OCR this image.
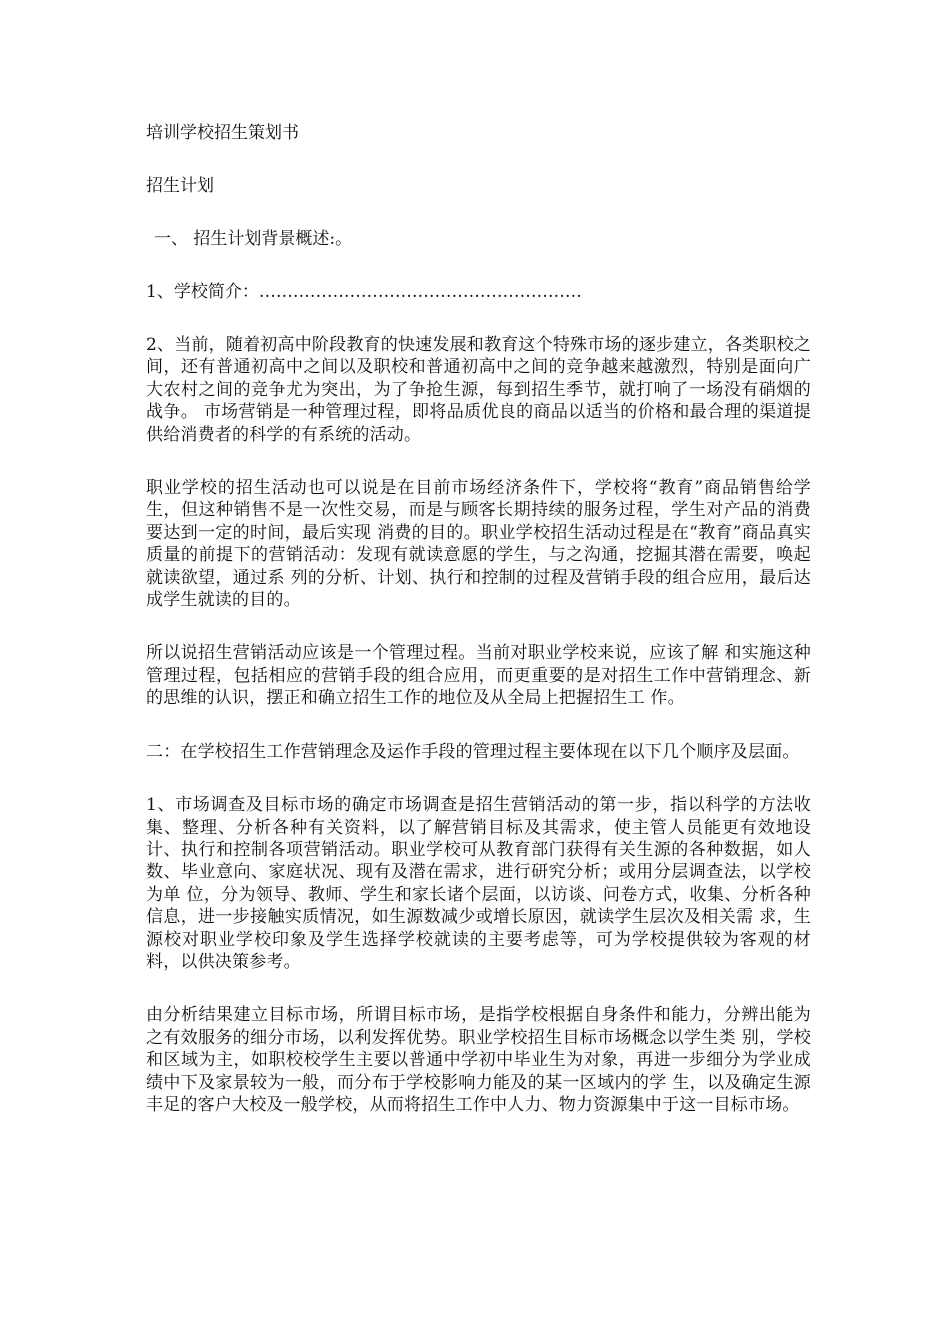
培训学校招生策划书

招生计划

一、 招生计划背景概述:。

1、学校简介：…………………………………………………

2、当前，随着初高中阶段教育的快速发展和教育这个特殊市场的逐步建立，各类职校之间，还有普通初高中之间以及职校和普通初高中之间的竞争越来越激烈，特别是面向广大农村之间的竞争尤为突出，为了争抢生源，每到招生季节，就打响了一场没有硝烟的战争。 市场营销是一种管理过程，即将品质优良的商品以适当的价格和最合理的渠道提供给消费者的科学的有系统的活动。

职业学校的招生活动也可以说是在目前市场经济条件下，学校将“教育”商品销售给学生，但这种销售不是一次性交易，而是与顾客长期持续的服务过程，学生对产品的消费要达到一定的时间，最后实现 消费的目的。职业学校招生活动过程是在“教育”商品真实质量的前提下的营销活动：发现有就读意愿的学生，与之沟通，挖掘其潜在需要，唤起就读欲望，通过系 列的分析、计划、执行和控制的过程及营销手段的组合应用，最后达成学生就读的目的。

所以说招生营销活动应该是一个管理过程。当前对职业学校来说，应该了解 和实施这种管理过程，包括相应的营销手段的组合应用，而更重要的是对招生工作中营销理念、新的思维的认识，摆正和确立招生工作的地位及从全局上把握招生工 作。

二：在学校招生工作营销理念及运作手段的管理过程主要体现在以下几个顺序及层面。

1、市场调查及目标市场的确定市场调查是招生营销活动的第一步，指以科学的方法收集、整理、分析各种有关资料，以了解营销目标及其需求，使主管人员能更有效地设计、执行和控制各项营销活动。职业学校可从教育部门获得有关生源的各种数据，如人数、毕业意向、家庭状况、现有及潜在需求，进行研究分析；或用分层调查法，以学校为单 位，分为领导、教师、学生和家长诸个层面，以访谈、问卷方式，收集、分析各种信息，进一步接触实质情况，如生源数减少或增长原因，就读学生层次及相关需 求，生源校对职业学校印象及学生选择学校就读的主要考虑等，可为学校提供较为客观的材料，以供决策参考。

由分析结果建立目标市场，所谓目标市场，是指学校根据自身条件和能力，分辨出能为之有效服务的细分市场，以利发挥优势。职业学校招生目标市场概念以学生类 别，学校和区域为主，如职校校学生主要以普通中学初中毕业生为对象，再进一步细分为学业成绩中下及家景较为一般，而分布于学校影响力能及的某一区域内的学 生，以及确定生源丰足的客户大校及一般学校，从而将招生工作中人力、物力资源集中于这一目标市场。
